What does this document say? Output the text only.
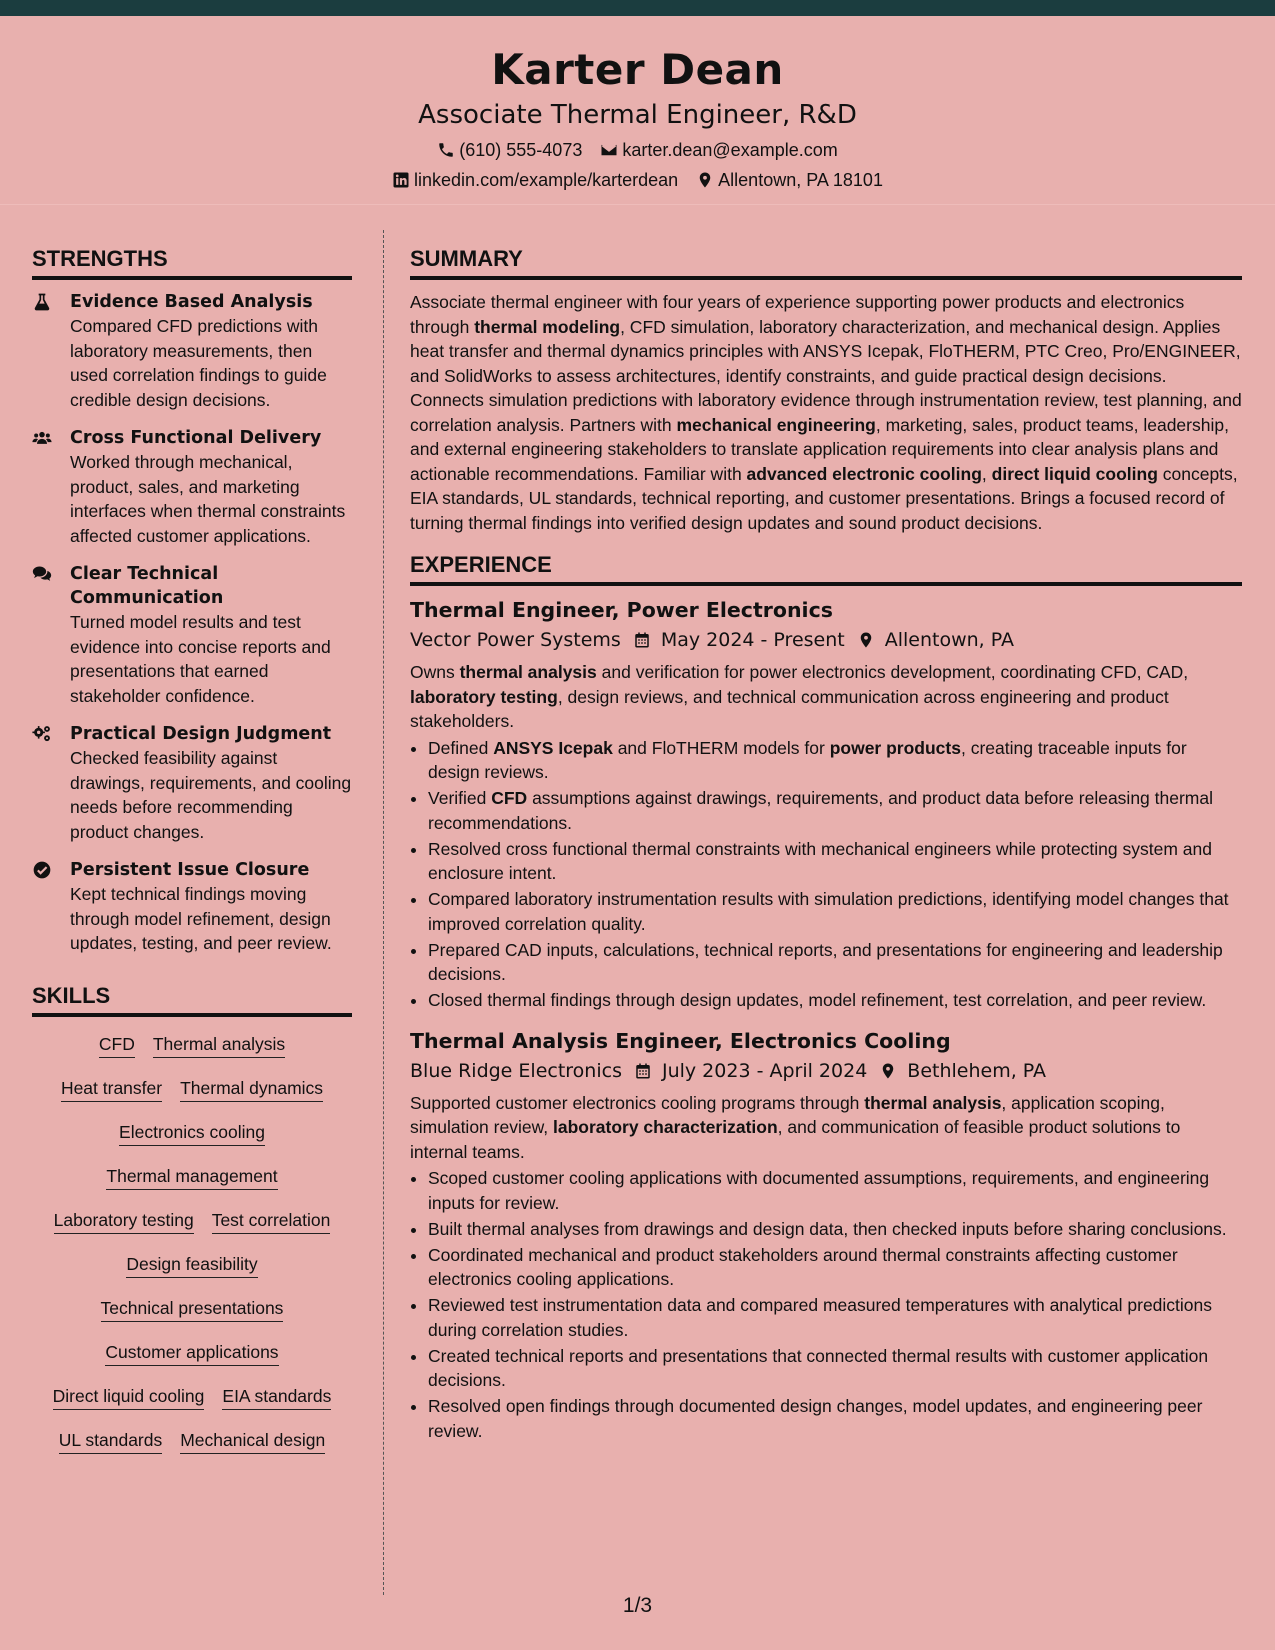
Karter Dean
Associate Thermal Engineer, R&D
(610) 555-4073 karter.dean@example.com
linkedin.com/example/karterdean Allentown, PA 18101
STRENGTHS
Evidence Based Analysis
Compared CFD predictions with laboratory measurements, then used correlation findings to guide credible design decisions.
Cross Functional Delivery
Worked through mechanical, product, sales, and marketing interfaces when thermal constraints affected customer applications.
Clear Technical Communication
Turned model results and test evidence into concise reports and presentations that earned stakeholder confidence.
Practical Design Judgment
Checked feasibility against drawings, requirements, and cooling needs before recommending product changes.
Persistent Issue Closure
Kept technical findings moving through model refinement, design updates, testing, and peer review.
SKILLS
CFD Thermal analysis
Heat transfer Thermal dynamics
Electronics cooling
Thermal management
Laboratory testing Test correlation
Design feasibility
Technical presentations
Customer applications
Direct liquid cooling EIA standards
UL standards Mechanical design
SUMMARY
Associate thermal engineer with four years of experience supporting power products and electronics through thermal modeling, CFD simulation, laboratory characterization, and mechanical design. Applies heat transfer and thermal dynamics principles with ANSYS Icepak, FloTHERM, PTC Creo, Pro/ENGINEER, and SolidWorks to assess architectures, identify constraints, and guide practical design decisions. Connects simulation predictions with laboratory evidence through instrumentation review, test planning, and correlation analysis. Partners with mechanical engineering, marketing, sales, product teams, leadership, and external engineering stakeholders to translate application requirements into clear analysis plans and actionable recommendations. Familiar with advanced electronic cooling, direct liquid cooling concepts, EIA standards, UL standards, technical reporting, and customer presentations. Brings a focused record of turning thermal findings into verified design updates and sound product decisions.
EXPERIENCE
Thermal Engineer, Power Electronics
Vector Power Systems May 2024 - Present Allentown, PA
Owns thermal analysis and verification for power electronics development, coordinating CFD, CAD, laboratory testing, design reviews, and technical communication across engineering and product stakeholders.
• Defined ANSYS Icepak and FloTHERM models for power products, creating traceable inputs for design reviews.
• Verified CFD assumptions against drawings, requirements, and product data before releasing thermal recommendations.
• Resolved cross functional thermal constraints with mechanical engineers while protecting system and enclosure intent.
• Compared laboratory instrumentation results with simulation predictions, identifying model changes that improved correlation quality.
• Prepared CAD inputs, calculations, technical reports, and presentations for engineering and leadership decisions.
• Closed thermal findings through design updates, model refinement, test correlation, and peer review.
Thermal Analysis Engineer, Electronics Cooling
Blue Ridge Electronics July 2023 - April 2024 Bethlehem, PA
Supported customer electronics cooling programs through thermal analysis, application scoping, simulation review, laboratory characterization, and communication of feasible product solutions to internal teams.
• Scoped customer cooling applications with documented assumptions, requirements, and engineering inputs for review.
• Built thermal analyses from drawings and design data, then checked inputs before sharing conclusions.
• Coordinated mechanical and product stakeholders around thermal constraints affecting customer electronics cooling applications.
• Reviewed test instrumentation data and compared measured temperatures with analytical predictions during correlation studies.
• Created technical reports and presentations that connected thermal results with customer application decisions.
• Resolved open findings through documented design changes, model updates, and engineering peer review.
1/3
